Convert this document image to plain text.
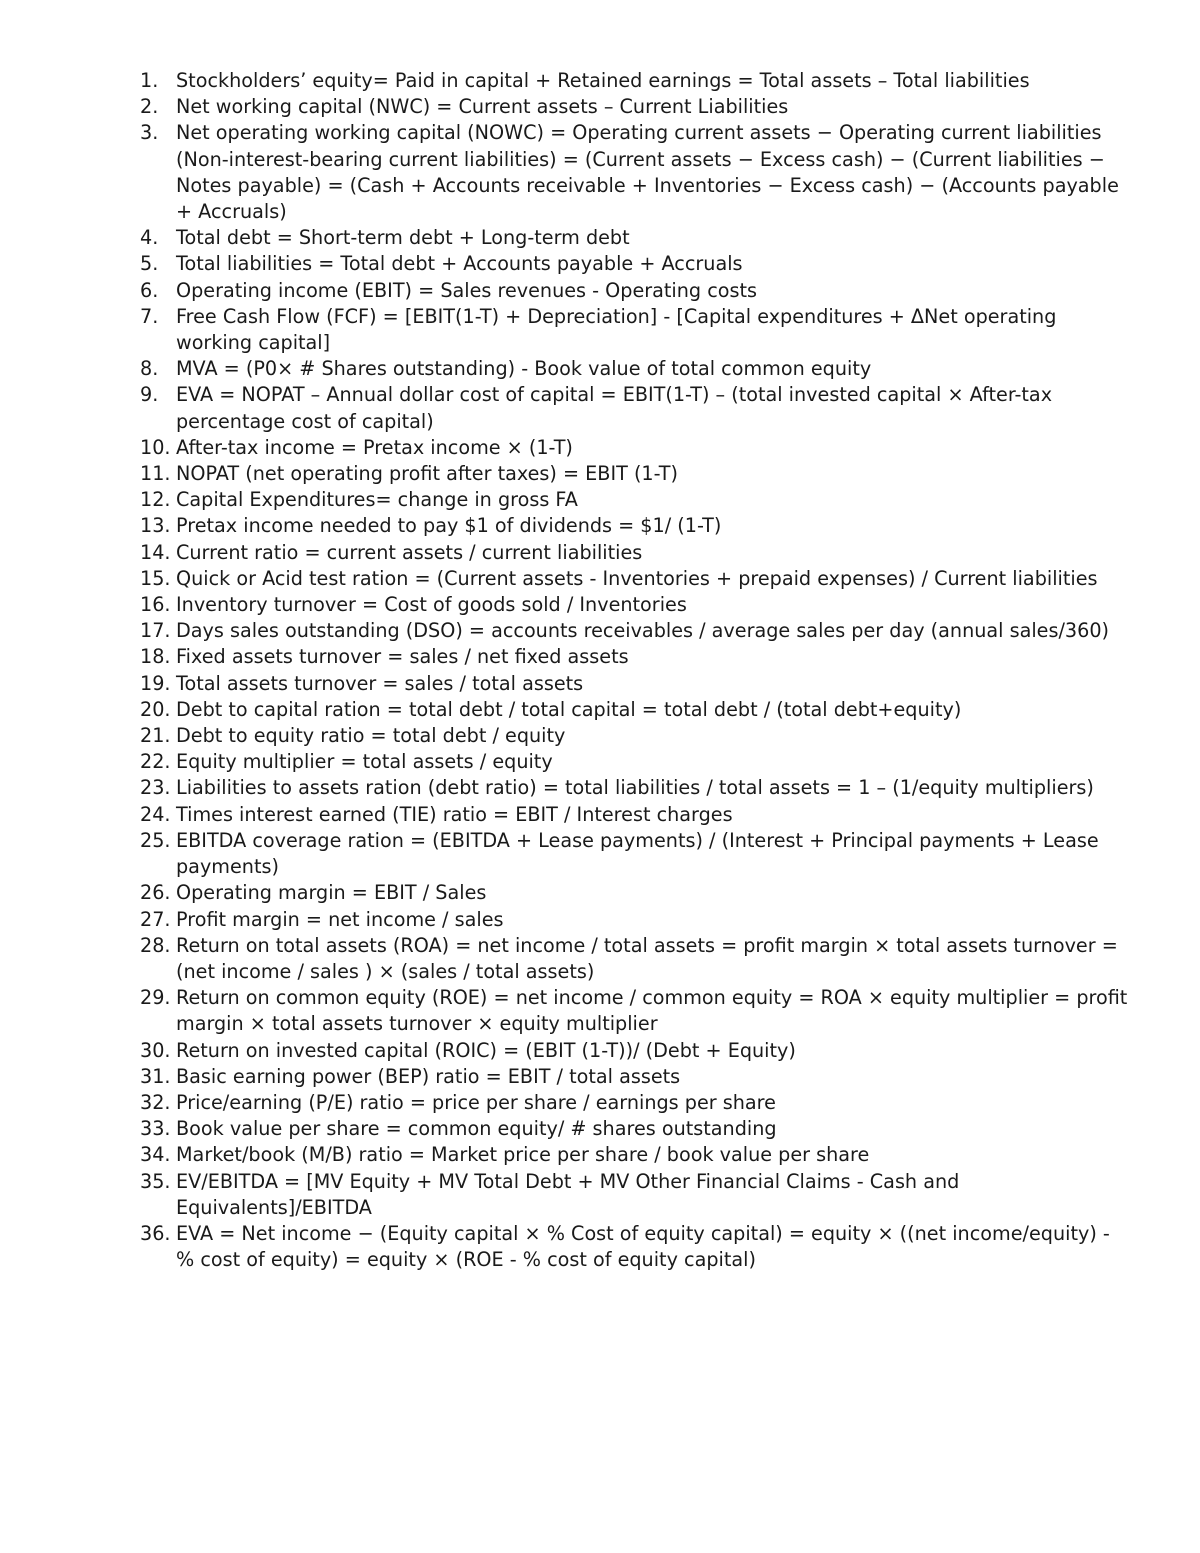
1. Stockholders’ equity= Paid in capital + Retained earnings = Total assets – Total liabilities
2. Net working capital (NWC) = Current assets – Current Liabilities
3. Net operating working capital (NOWC) = Operating current assets − Operating current liabilities (Non-interest-bearing current liabilities) = (Current assets − Excess cash) − (Current liabilities − Notes payable) = (Cash + Accounts receivable + Inventories − Excess cash) − (Accounts payable + Accruals)
4. Total debt = Short-term debt + Long-term debt
5. Total liabilities = Total debt + Accounts payable + Accruals
6. Operating income (EBIT) = Sales revenues - Operating costs
7. Free Cash Flow (FCF) = [EBIT(1-T) + Depreciation] - [Capital expenditures + ΔNet operating working capital]
8. MVA = (P0× # Shares outstanding) - Book value of total common equity
9. EVA = NOPAT – Annual dollar cost of capital = EBIT(1-T) – (total invested capital × After-tax percentage cost of capital)
10. After-tax income = Pretax income × (1-T)
11. NOPAT (net operating profit after taxes) = EBIT (1-T)
12. Capital Expenditures= change in gross FA
13. Pretax income needed to pay $1 of dividends = $1/ (1-T)
14. Current ratio = current assets / current liabilities
15. Quick or Acid test ration = (Current assets - Inventories + prepaid expenses) / Current liabilities
16. Inventory turnover = Cost of goods sold / Inventories
17. Days sales outstanding (DSO) = accounts receivables / average sales per day (annual sales/360)
18. Fixed assets turnover = sales / net fixed assets
19. Total assets turnover = sales / total assets
20. Debt to capital ration = total debt / total capital = total debt / (total debt+equity)
21. Debt to equity ratio = total debt / equity
22. Equity multiplier = total assets / equity
23. Liabilities to assets ration (debt ratio) = total liabilities / total assets = 1 – (1/equity multipliers)
24. Times interest earned (TIE) ratio = EBIT / Interest charges
25. EBITDA coverage ration = (EBITDA + Lease payments) / (Interest + Principal payments + Lease payments)
26. Operating margin = EBIT / Sales
27. Profit margin = net income / sales
28. Return on total assets (ROA) = net income / total assets = profit margin × total assets turnover = (net income / sales ) × (sales / total assets)
29. Return on common equity (ROE) = net income / common equity = ROA × equity multiplier = profit margin × total assets turnover × equity multiplier
30. Return on invested capital (ROIC) = (EBIT (1-T))/ (Debt + Equity)
31. Basic earning power (BEP) ratio = EBIT / total assets
32. Price/earning (P/E) ratio = price per share / earnings per share
33. Book value per share = common equity/ # shares outstanding
34. Market/book (M/B) ratio = Market price per share / book value per share
35. EV/EBITDA = [MV Equity + MV Total Debt + MV Other Financial Claims - Cash and Equivalents]/EBITDA
36. EVA = Net income − (Equity capital × % Cost of equity capital) = equity × ((net income/equity) - % cost of equity) = equity × (ROE - % cost of equity capital)
